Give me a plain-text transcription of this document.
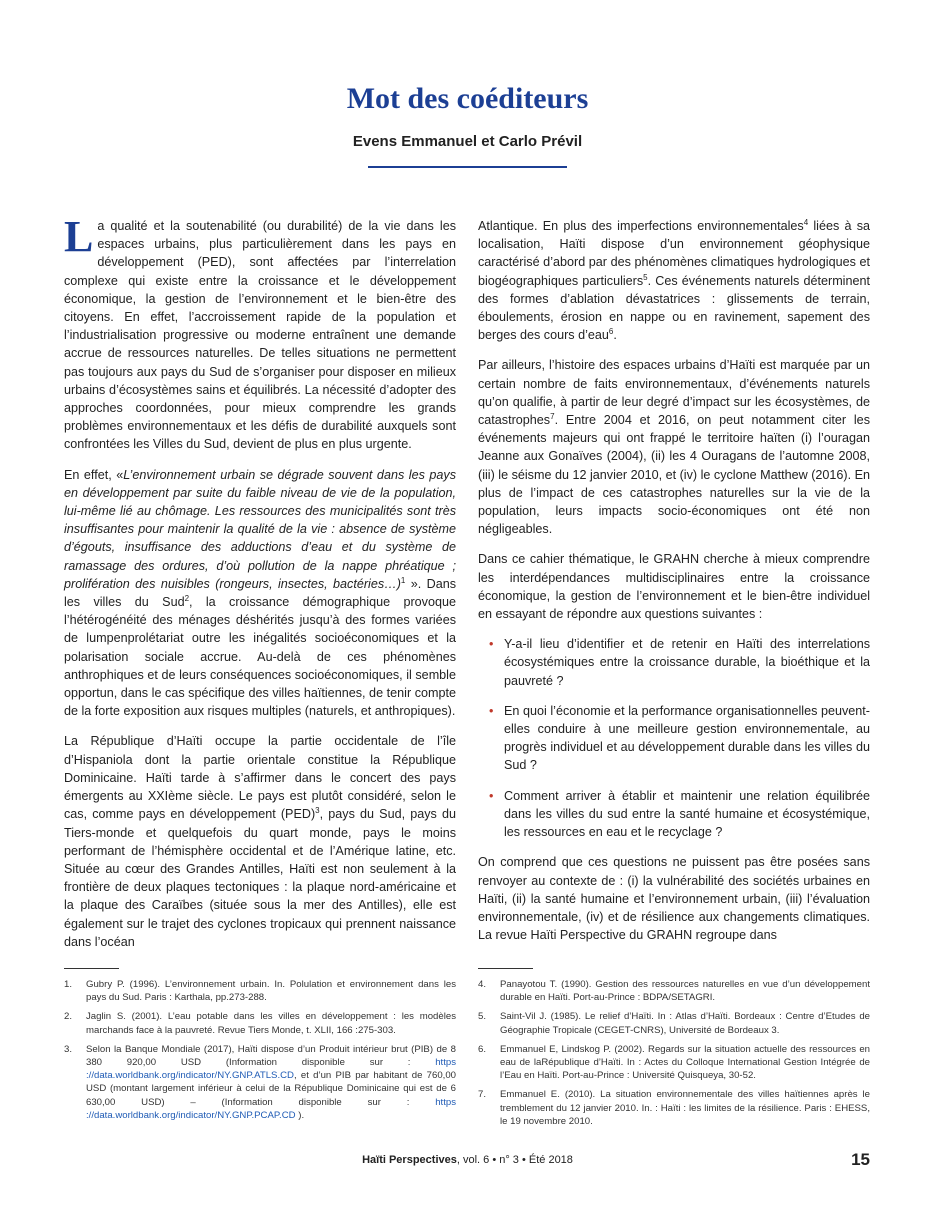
Mot des coéditeurs
Evens Emmanuel et Carlo Prévil

La qualité et la soutenabilité (ou durabilité) de la vie dans les espaces urbains, plus particulièrement dans les pays en développement (PED), sont affectées par l’interrelation complexe qui existe entre la croissance et le développement économique, la gestion de l’environnement et le bien-être des citoyens. En effet, l’accroissement rapide de la population et l’industrialisation progressive ou moderne entraînent une demande accrue de ressources naturelles. De telles situations ne permettent pas toujours aux pays du Sud de s’organiser pour disposer en milieux urbains d’écosystèmes sains et équilibrés. La nécessité d’adopter des approches coordonnées, pour mieux comprendre les grands problèmes environnementaux et les défis de durabilité auxquels sont confrontées les Villes du Sud, devient de plus en plus urgente.

En effet, «L’environnement urbain se dégrade souvent dans les pays en développement par suite du faible niveau de vie de la population, lui-même lié au chômage. Les ressources des municipalités sont très insuffisantes pour maintenir la qualité de la vie : absence de système d’égouts, insuffisance des adductions d’eau et du système de ramassage des ordures, d’où pollution de la nappe phréatique ; prolifération des nuisibles (rongeurs, insectes, bactéries…)$^1$ ». Dans les villes du Sud$^2$, la croissance démographique provoque l’hétérogénéité des ménages déshérités jusqu’à des formes variées de lumpenprolétariat outre les inégalités socioéconomiques et la polarisation sociale accrue. Au-delà de ces phénomènes anthrophiques et de leurs conséquences socioéconomiques, il semble opportun, dans le cas spécifique des villes haïtiennes, de tenir compte de la forte exposition aux risques multiples (naturels, et anthropiques).

La République d’Haïti occupe la partie occidentale de l’île d’Hispaniola dont la partie orientale constitue la République Dominicaine. Haïti tarde à s’affirmer dans le concert des pays émergents au XXIème siècle. Le pays est plutôt considéré, selon le cas, comme pays en développement (PED)$^3$, pays du Sud, pays du Tiers-monde et quelquefois du quart monde, pays le moins performant de l’hémisphère occidental et de l’Amérique latine, etc. Située au cœur des Grandes Antilles, Haïti est non seulement à la frontière de deux plaques tectoniques : la plaque nord-américaine et la plaque des Caraïbes (située sous la mer des Antilles), elle est également sur le trajet des cyclones tropicaux qui prennent naissance dans l’océan

Atlantique. En plus des imperfections environnementales$^4$ liées à sa localisation, Haïti dispose d’un environnement géophysique caractérisé d’abord par des phénomènes climatiques hydrologiques et biogéographiques particuliers$^5$. Ces événements naturels déterminent des formes d’ablation dévastatrices : glissements de terrain, éboulements, érosion en nappe ou en ravinement, sapement des berges des cours d’eau$^6$.

Par ailleurs, l’histoire des espaces urbains d’Haïti est marquée par un certain nombre de faits environnementaux, d’événements naturels qu’on qualifie, à partir de leur degré d’impact sur les écosystèmes, de catastrophes$^7$. Entre 2004 et 2016, on peut notamment citer les événements majeurs qui ont frappé le territoire haïten (i) l’ouragan Jeanne aux Gonaïves (2004), (ii) les 4 Ouragans de l’automne 2008, (iii) le séisme du 12 janvier 2010, et (iv) le cyclone Matthew (2016). En plus de l’impact de ces catastrophes naturelles sur la vie de la population, leurs impacts socio-économiques ont été non négligeables.

Dans ce cahier thématique, le GRAHN cherche à mieux comprendre les interdépendances multidisciplinaires entre la croissance économique, la gestion de l’environnement et le bien-être individuel en essayant de répondre aux questions suivantes :

• Y-a-il lieu d’identifier et de retenir en Haïti des interrelations écosystémiques entre la croissance durable, la bioéthique et la pauvreté ?
• En quoi l’économie et la performance organisationnelles peuvent-elles conduire à une meilleure gestion environnementale, au progrès individuel et au développement durable dans les villes du Sud ?
• Comment arriver à établir et maintenir une relation équilibrée dans les villes du sud entre la santé humaine et écosystémique, les ressources en eau et le recyclage ?

On comprend que ces questions ne puissent pas être posées sans renvoyer au contexte de : (i) la vulnérabilité des sociétés urbaines en Haïti, (ii) la santé humaine et l’environnement urbain, (iii) l’évaluation environnementale, (iv) et de résilience aux changements climatiques. La revue Haïti Perspective du GRAHN regroupe dans

1.	Gubry P. (1996). L’environnement urbain. In. Polulation et environnement dans les pays du Sud. Paris : Karthala, pp.273-288.
2.	Jaglin S. (2001). L’eau potable dans les villes en développement : les modèles marchands face à la pauvreté. Revue Tiers Monde, t. XLII, 166 :275-303.
3.	Selon la Banque Mondiale (2017), Haïti dispose d’un Produit intérieur brut (PIB) de 8 380 920,00 USD (Information disponible sur : https ://data.worldbank.org/indicator/NY.GNP.ATLS.CD, et d’un PIB par habitant de 760,00 USD (montant largement inférieur à celui de la République Dominicaine qui est de 6 630,00 USD) – (Information disponible sur : https ://data.worldbank.org/indicator/NY.GNP.PCAP.CD ).
4.	Panayotou T. (1990). Gestion des ressources naturelles en vue d’un développement durable en Haïti. Port-au-Prince : BDPA/SETAGRI.
5.	Saint-Vil J. (1985). Le relief d’Haïti. In : Atlas d’Haïti. Bordeaux : Centre d’Etudes de Géographie Tropicale (CEGET-CNRS), Université de Bordeaux 3.
6.	Emmanuel E, Lindskog P. (2002). Regards sur la situation actuelle des ressources en eau de laRépublique d’Haïti. In : Actes du Colloque International Gestion Intégrée de l’Eau en Haïti. Port-au-Prince : Université Quisqueya, 30-52.
7.	Emmanuel E. (2010). La situation environnementale des villes haïtiennes après le tremblement du 12 janvier 2010. In. : Haïti : les limites de la résilience. Paris : EHESS, le 19 novembre 2010.
Haïti Perspectives, vol. 6 • n° 3 • Été 2018	15
